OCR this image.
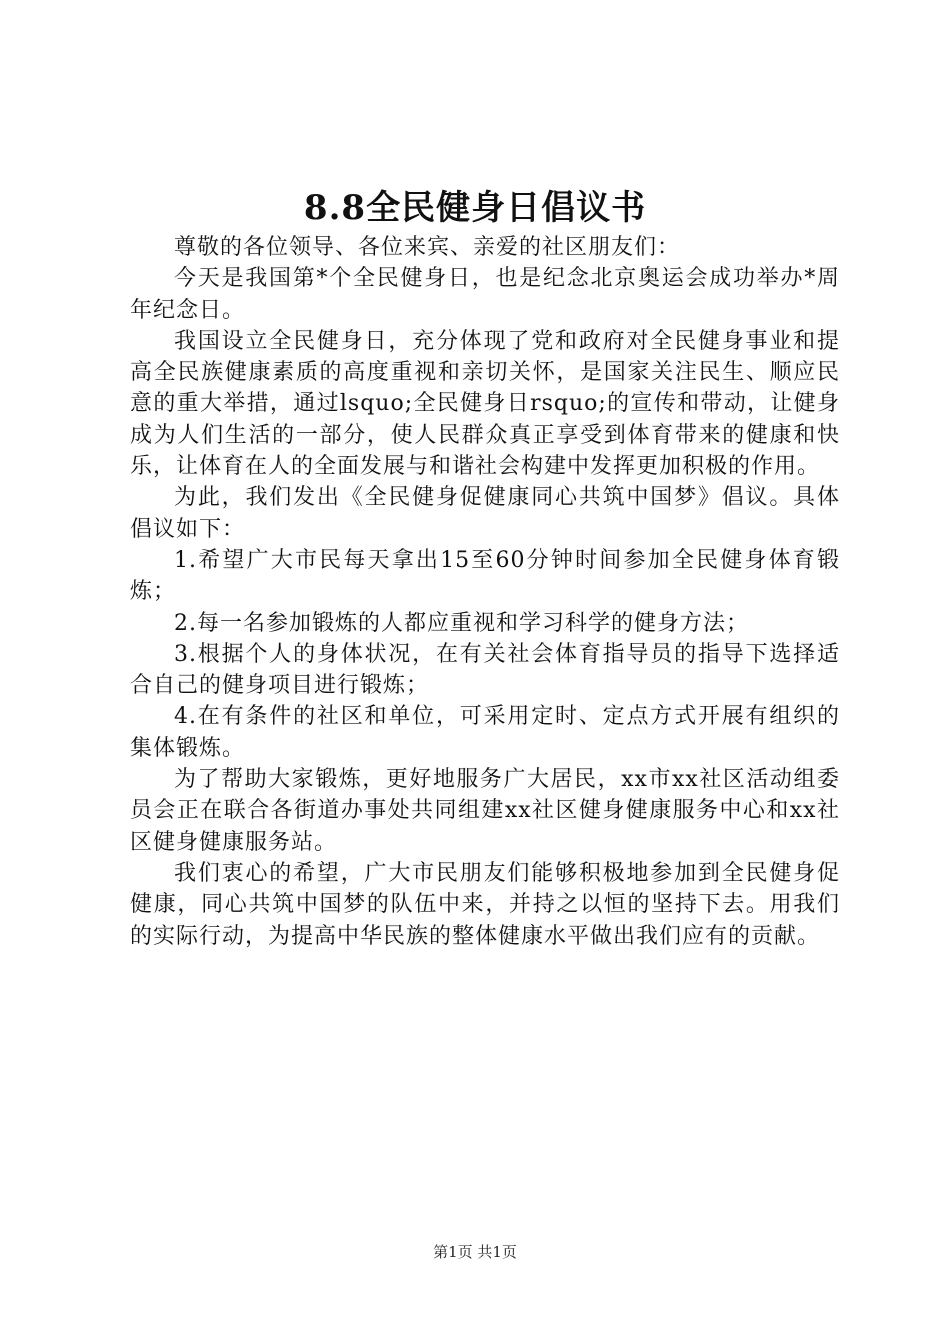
8.8全民健身日倡议书

尊敬的各位领导、各位来宾、亲爱的社区朋友们：

今天是我国第*个全民健身日，也是纪念北京奥运会成功举办*周年纪念日。

我国设立全民健身日，充分体现了党和政府对全民健身事业和提高全民族健康素质的高度重视和亲切关怀，是国家关注民生、顺应民意的重大举措，通过lsquo;全民健身日rsquo;的宣传和带动，让健身成为人们生活的一部分，使人民群众真正享受到体育带来的健康和快乐，让体育在人的全面发展与和谐社会构建中发挥更加积极的作用。

为此，我们发出《全民健身促健康同心共筑中国梦》倡议。具体倡议如下：

1.希望广大市民每天拿出15至60分钟时间参加全民健身体育锻炼；

2.每一名参加锻炼的人都应重视和学习科学的健身方法；

3.根据个人的身体状况，在有关社会体育指导员的指导下选择适合自己的健身项目进行锻炼；

4.在有条件的社区和单位，可采用定时、定点方式开展有组织的集体锻炼。

为了帮助大家锻炼，更好地服务广大居民，xx市xx社区活动组委员会正在联合各街道办事处共同组建xx社区健身健康服务中心和xx社区健身健康服务站。

我们衷心的希望，广大市民朋友们能够积极地参加到全民健身促健康，同心共筑中国梦的队伍中来，并持之以恒的坚持下去。用我们的实际行动，为提高中华民族的整体健康水平做出我们应有的贡献。

第1页 共1页
